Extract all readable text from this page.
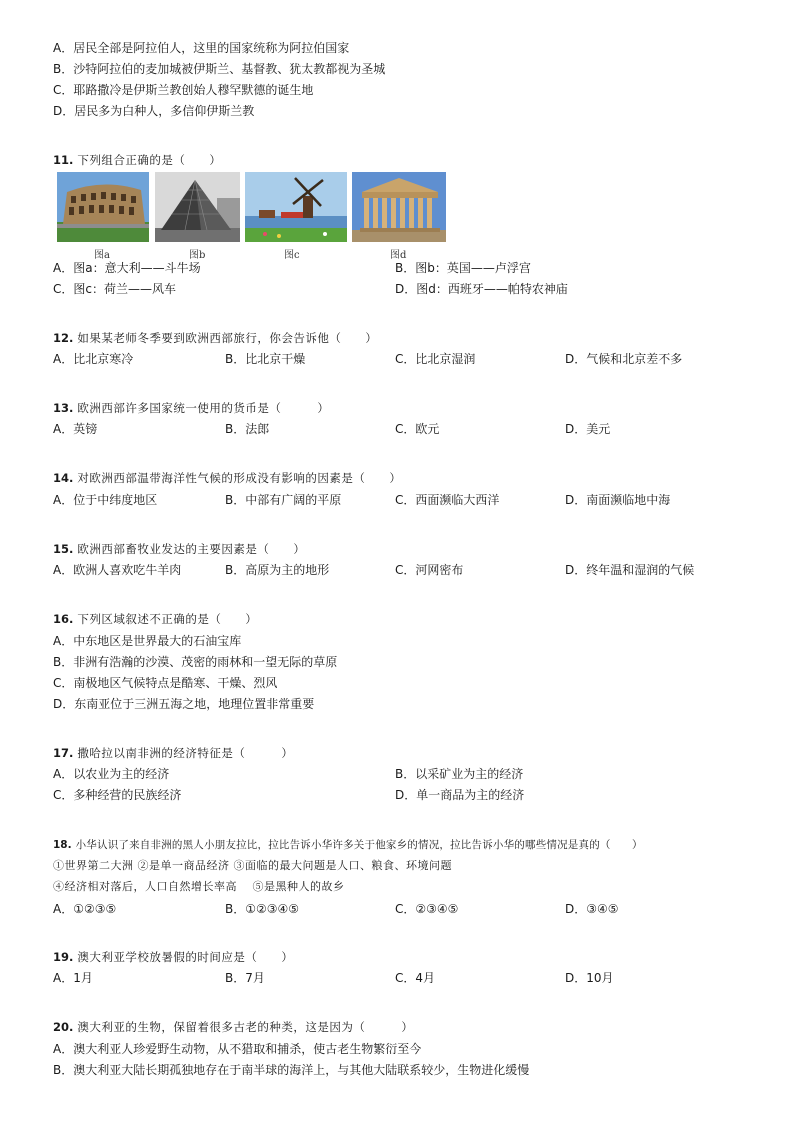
A．居民全部是阿拉伯人，这里的国家统称为阿拉伯国家
B．沙特阿拉伯的麦加城被伊斯兰、基督教、犹太教都视为圣城
C．耶路撒冷是伊斯兰教创始人穆罕默德的诞生地
D．居民多为白种人，多信仰伊斯兰教
11. 下列组合正确的是（　　）
图a	图b	图c	图d
A．图a：意大利——斗牛场	B．图b：英国——卢浮宫
C．图c：荷兰——风车	D．图d：西班牙——帕特农神庙
12. 如果某老师冬季要到欧洲西部旅行，你会告诉他（　　）
A．比北京寒冷	B．比北京干燥	C．比北京湿润	D．气候和北京差不多
13. 欧洲西部许多国家统一使用的货币是（　　　）
A．英镑	B．法郎	C．欧元	D．美元
14. 对欧洲西部温带海洋性气候的形成没有影响的因素是（　　）
A．位于中纬度地区	B．中部有广阔的平原	C．西面濒临大西洋	D．南面濒临地中海
15. 欧洲西部畜牧业发达的主要因素是（　　）
A．欧洲人喜欢吃牛羊肉	B．高原为主的地形	C．河网密布	D．终年温和湿润的气候
16. 下列区域叙述不正确的是（　　）
A．中东地区是世界最大的石油宝库
B．非洲有浩瀚的沙漠、茂密的雨林和一望无际的草原
C．南极地区气候特点是酷寒、干燥、烈风
D．东南亚位于三洲五海之地，地理位置非常重要
17. 撒哈拉以南非洲的经济特征是（　　　）
A．以农业为主的经济	B．以采矿业为主的经济
C．多种经营的民族经济	D．单一商品为主的经济
18. 小华认识了来自非洲的黑人小朋友拉比，拉比告诉小华许多关于他家乡的情况，拉比告诉小华的哪些情况是真的（　　）
①世界第二大洲 ②是单一商品经济 ③面临的最大问题是人口、粮食、环境问题
④经济相对落后，人口自然增长率高　 ⑤是黑种人的故乡
A．①②③⑤	B．①②③④⑤	C．②③④⑤	D．③④⑤
19. 澳大利亚学校放暑假的时间应是（　　）
A．1月	B．7月	C．4月	D．10月
20. 澳大利亚的生物，保留着很多古老的种类，这是因为（　　　）
A．澳大利亚人珍爱野生动物，从不猎取和捕杀，使古老生物繁衍至今
B．澳大利亚大陆长期孤独地存在于南半球的海洋上，与其他大陆联系较少，生物进化缓慢
